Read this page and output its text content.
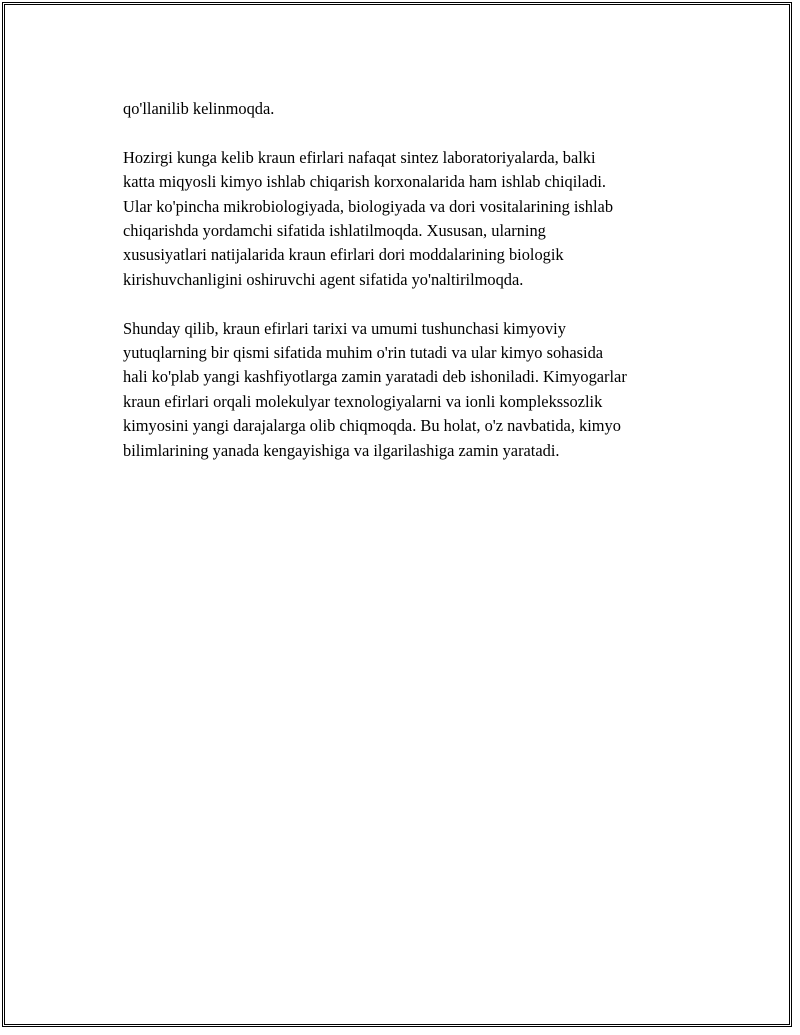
qo'llanilib kelinmoqda.

Hozirgi kunga kelib kraun efirlari nafaqat sintez laboratoriyalarda, balki
katta miqyosli kimyo ishlab chiqarish korxonalarida ham ishlab chiqiladi.
Ular ko'pincha mikrobiologiyada, biologiyada va dori vositalarining ishlab
chiqarishda yordamchi sifatida ishlatilmoqda. Xususan, ularning
xususiyatlari natijalarida kraun efirlari dori moddalarining biologik
kirishuvchanligini oshiruvchi agent sifatida yo'naltirilmoqda.

Shunday qilib, kraun efirlari tarixi va umumi tushunchasi kimyoviy
yutuqlarning bir qismi sifatida muhim o'rin tutadi va ular kimyo sohasida
hali ko'plab yangi kashfiyotlarga zamin yaratadi deb ishoniladi. Kimyogarlar
kraun efirlari orqali molekulyar texnologiyalarni va ionli komplekssozlik
kimyosini yangi darajalarga olib chiqmoqda. Bu holat, o'z navbatida, kimyo
bilimlarining yanada kengayishiga va ilgarilashiga zamin yaratadi.
